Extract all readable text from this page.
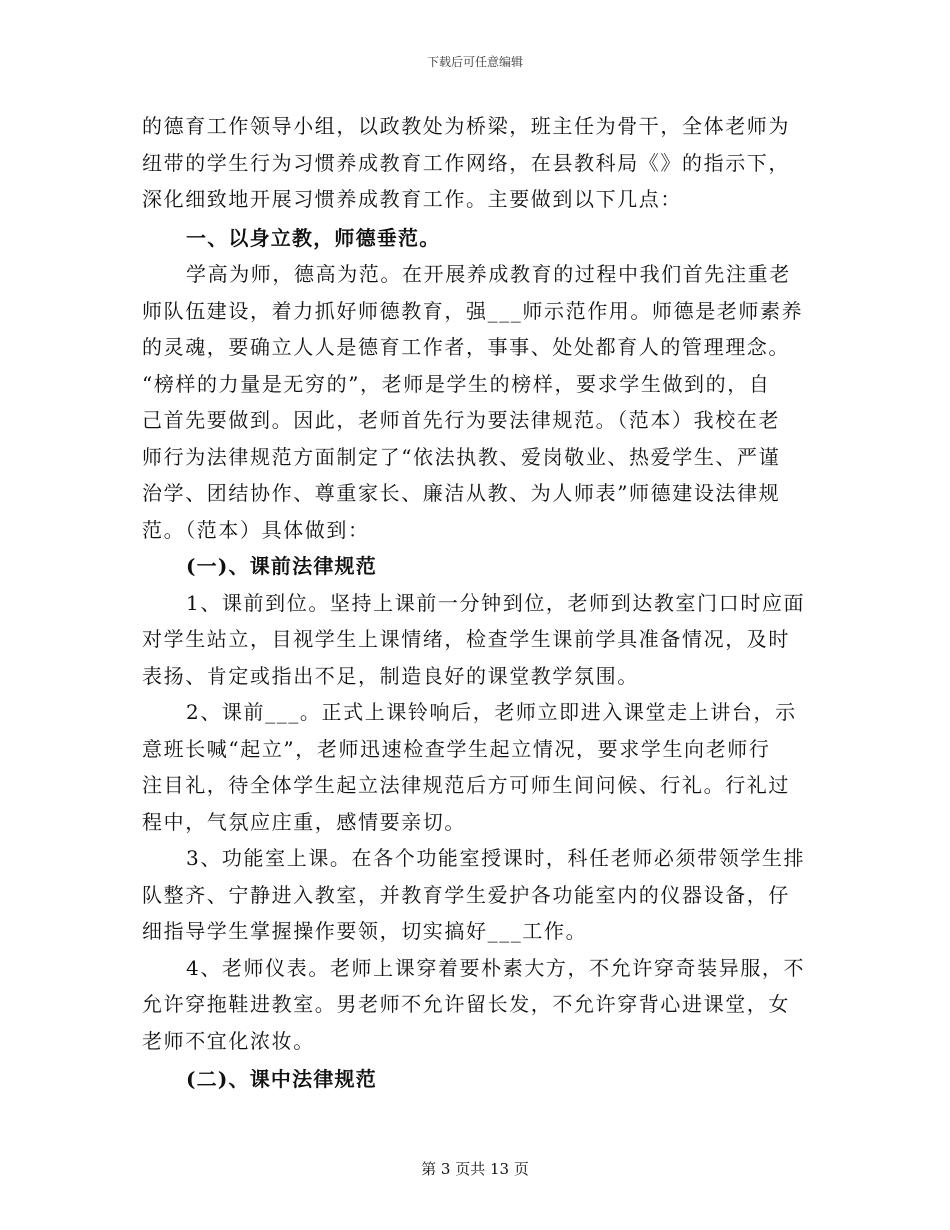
下载后可任意编辑
的德育工作领导小组，以政教处为桥梁，班主任为骨干，全体老师为
纽带的学生行为习惯养成教育工作网络，在县教科局《》的指示下，
深化细致地开展习惯养成教育工作。主要做到以下几点：
一、以身立教，师德垂范。
学高为师，德高为范。在开展养成教育的过程中我们首先注重老
师队伍建设，着力抓好师德教育，强___师示范作用。师德是老师素养
的灵魂，要确立人人是德育工作者，事事、处处都育人的管理理念。
“榜样的力量是无穷的”，老师是学生的榜样，要求学生做到的，自
己首先要做到。因此，老师首先行为要法律规范。（范本）我校在老
师行为法律规范方面制定了“依法执教、爱岗敬业、热爱学生、严谨
治学、团结协作、尊重家长、廉洁从教、为人师表”师德建设法律规
范。（范本）具体做到：
(一)、课前法律规范
1、课前到位。坚持上课前一分钟到位，老师到达教室门口时应面
对学生站立，目视学生上课情绪，检查学生课前学具准备情况，及时
表扬、肯定或指出不足，制造良好的课堂教学氛围。
2、课前___。正式上课铃响后，老师立即进入课堂走上讲台，示
意班长喊“起立”，老师迅速检查学生起立情况，要求学生向老师行
注目礼，待全体学生起立法律规范后方可师生间问候、行礼。行礼过
程中，气氛应庄重，感情要亲切。
3、功能室上课。在各个功能室授课时，科任老师必须带领学生排
队整齐、宁静进入教室，并教育学生爱护各功能室内的仪器设备，仔
细指导学生掌握操作要领，切实搞好___工作。
4、老师仪表。老师上课穿着要朴素大方，不允许穿奇装异服，不
允许穿拖鞋进教室。男老师不允许留长发，不允许穿背心进课堂，女
老师不宜化浓妆。
(二)、课中法律规范
第 3 页共 13 页
